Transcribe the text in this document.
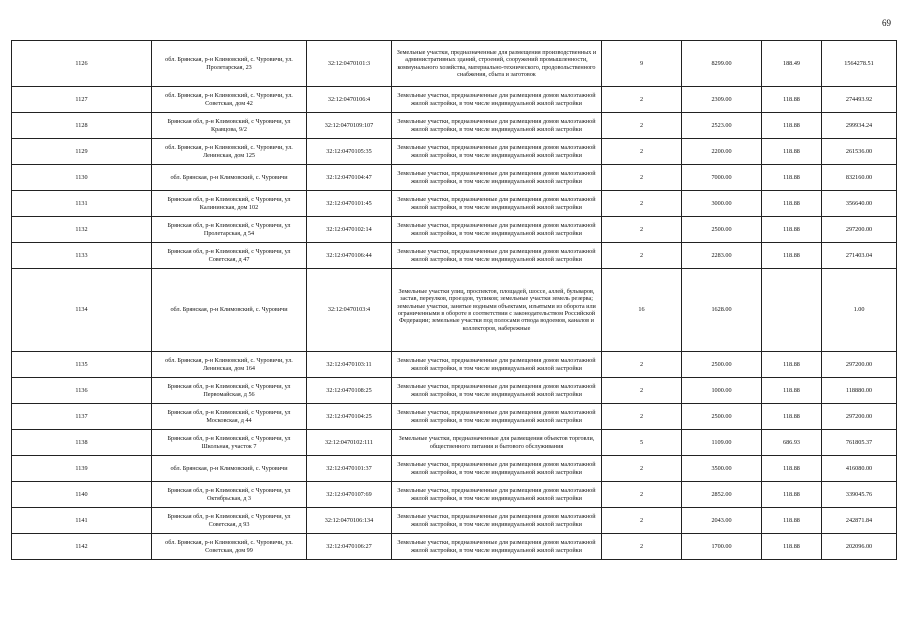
69
1126	обл. Брянская, р-н Климовский, с. Чуровичи, ул. Пролетарская, 23	32:12:0470101:3	Земельные участки, предназначенные для размещения производственных и административных зданий, строений, сооружений промышленности, коммунального хозяйства, материально-технического, продовольственного снабжения, сбыта и заготовок	9	8299.00	188.49	1564278.51
1127	обл. Брянская, р-н Климовский, с. Чуровичи, ул. Советская, дом 42	32:12:0470106:4	Земельные участки, предназначенные для размещения домов малоэтажной жилой застройки, в том числе индивидуальной жилой застройки	2	2309.00	118.88	274493.92
1128	Брянская обл, р-н Климовский, с Чуровичи, ул Кравцова, 9/2	32:12:0470109:107	Земельные участки, предназначенные для размещения домов малоэтажной жилой застройки, в том числе индивидуальной жилой застройки	2	2523.00	118.88	299934.24
1129	обл. Брянская, р-н Климовский, с. Чуровичи, ул. Ленинская, дом 125	32:12:0470105:35	Земельные участки, предназначенные для размещения домов малоэтажной жилой застройки, в том числе индивидуальной жилой застройки	2	2200.00	118.88	261536.00
1130	обл. Брянская, р-н Климовский, с. Чуровичи	32:12:0470104:47	Земельные участки, предназначенные для размещения домов малоэтажной жилой застройки, в том числе индивидуальной жилой застройки	2	7000.00	118.88	832160.00
1131	Брянская обл, р-н Климовский, с Чуровичи, ул Калининская, дом 102	32:12:0470101:45	Земельные участки, предназначенные для размещения домов малоэтажной жилой застройки, в том числе индивидуальной жилой застройки	2	3000.00	118.88	356640.00
1132	Брянская обл, р-н Климовский, с Чуровичи, ул Пролетарская, д 54	32:12:0470102:14	Земельные участки, предназначенные для размещения домов малоэтажной жилой застройки, в том числе индивидуальной жилой застройки	2	2500.00	118.88	297200.00
1133	Брянская обл, р-н Климовский, с Чуровичи, ул Советская, д 47	32:12:0470106:44	Земельные участки, предназначенные для размещения домов малоэтажной жилой застройки, в том числе индивидуальной жилой застройки	2	2283.00	118.88	271403.04
1134	обл. Брянская, р-н Климовский, с. Чуровичи	32:12:0470103:4	Земельные участки улиц, проспектов, площадей, шоссе, аллей, бульваров, застав, переулков, проездов, тупиков; земельные участки земель резерва; земельные участки, занятые водными объектами, изъятыми из оборота или ограниченными в обороте в соответствии с законодательством Российской Федерации; земельные участки под полосами отвода водоемов, каналов и коллекторов, набережные	16	1628.00		1.00
1135	обл. Брянская, р-н Климовский, с. Чуровичи, ул. Ленинская, дом 164	32:12:0470103:11	Земельные участки, предназначенные для размещения домов малоэтажной жилой застройки, в том числе индивидуальной жилой застройки	2	2500.00	118.88	297200.00
1136	Брянская обл, р-н Климовский, с Чуровичи, ул Первомайская, д 56	32:12:0470108:25	Земельные участки, предназначенные для размещения домов малоэтажной жилой застройки, в том числе индивидуальной жилой застройки	2	1000.00	118.88	118880.00
1137	Брянская обл, р-н Климовский, с Чуровичи, ул Московская, д 44	32:12:0470104:25	Земельные участки, предназначенные для размещения домов малоэтажной жилой застройки, в том числе индивидуальной жилой застройки	2	2500.00	118.88	297200.00
1138	Брянская обл, р-н Климовский, с Чуровичи, ул Школьная, участок 7	32:12:0470102:111	Земельные участки, предназначенные для размещения объектов торговли, общественного питания и бытового обслуживания	5	1109.00	686.93	761805.37
1139	обл. Брянская, р-н Климовский, с. Чуровичи	32:12:0470101:37	Земельные участки, предназначенные для размещения домов малоэтажной жилой застройки, в том числе индивидуальной жилой застройки	2	3500.00	118.88	416080.00
1140	Брянская обл, р-н Климовский, с Чуровичи, ул Октябрьская, д 3	32:12:0470107:69	Земельные участки, предназначенные для размещения домов малоэтажной жилой застройки, в том числе индивидуальной жилой застройки	2	2852.00	118.88	339045.76
1141	Брянская обл, р-н Климовский, с Чуровичи, ул Советская, д 93	32:12:0470106:134	Земельные участки, предназначенные для размещения домов малоэтажной жилой застройки, в том числе индивидуальной жилой застройки	2	2043.00	118.88	242871.84
1142	обл. Брянская, р-н Климовский, с. Чуровичи, ул. Советская, дом 99	32:12:0470106:27	Земельные участки, предназначенные для размещения домов малоэтажной жилой застройки, в том числе индивидуальной жилой застройки	2	1700.00	118.88	202096.00
